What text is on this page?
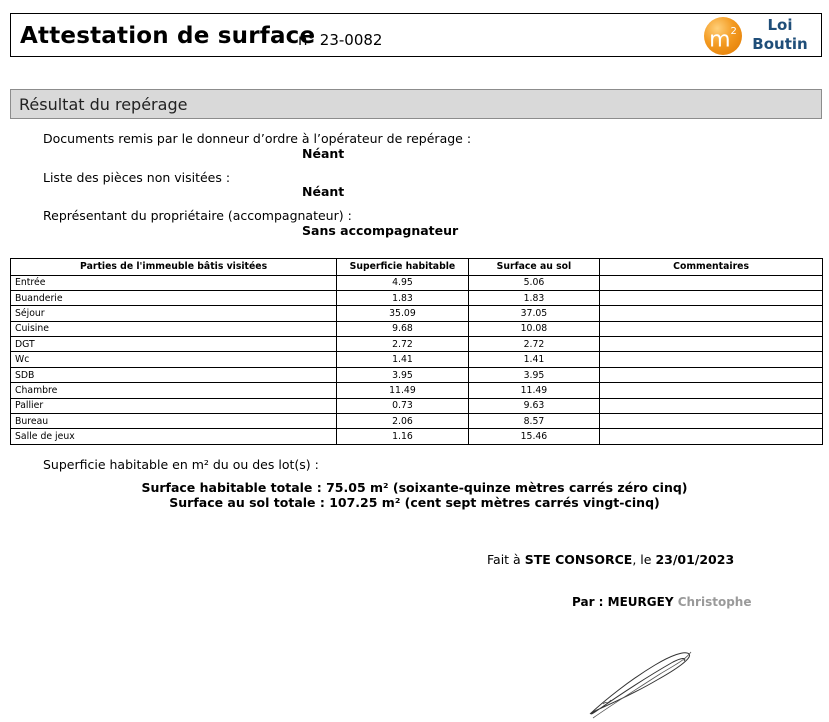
Attestation de surface
n° 23-0082	$m^2$	Loi
Boutin
Résultat du repérage
Documents remis par le donneur d’ordre à l’opérateur de repérage :
Néant
Liste des pièces non visitées :
Néant
Représentant du propriétaire (accompagnateur) :
Sans accompagnateur
Parties de l'immeuble bâtis visitées	Superficie habitable	Surface au sol	Commentaires
Entrée	4.95	5.06	
Buanderie	1.83	1.83	
Séjour	35.09	37.05	
Cuisine	9.68	10.08	
DGT	2.72	2.72	
Wc	1.41	1.41	
SDB	3.95	3.95	
Chambre	11.49	11.49	
Pallier	0.73	9.63	
Bureau	2.06	8.57	
Salle de jeux	1.16	15.46	
Superficie habitable en m² du ou des lot(s) :
Surface habitable totale : 75.05 m² (soixante-quinze mètres carrés zéro cinq)
Surface au sol totale : 107.25 m² (cent sept mètres carrés vingt-cinq)
Fait à STE CONSORCE, le 23/01/2023
Par : MEURGEY Christophe
